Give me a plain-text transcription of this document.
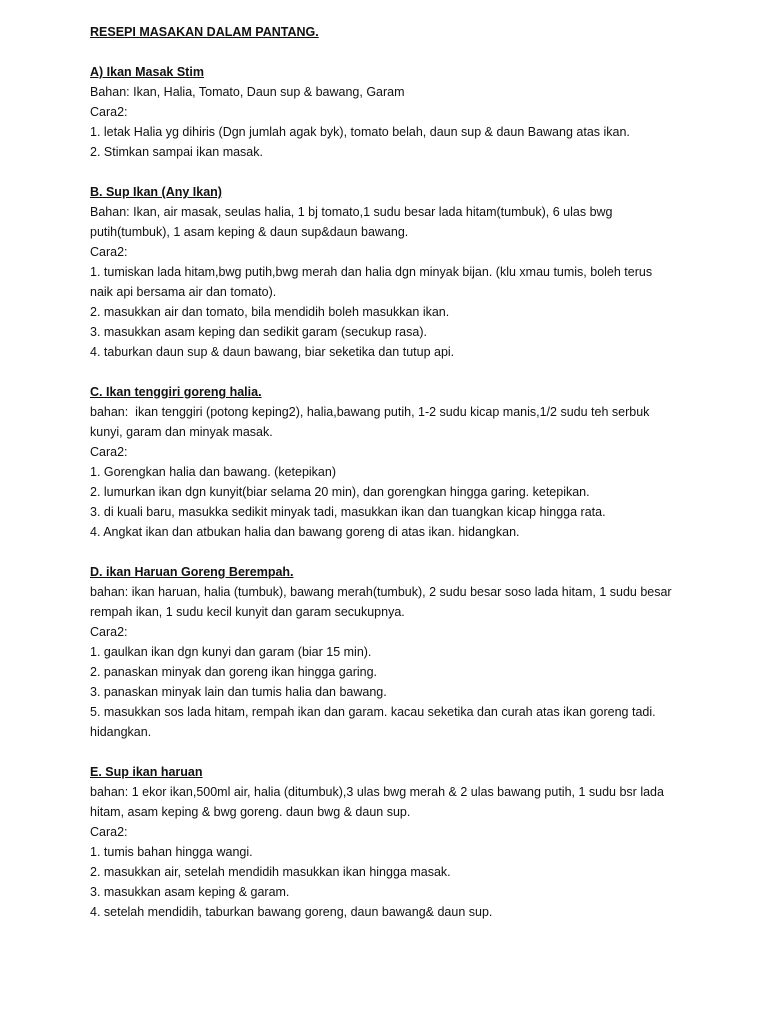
RESEPI MASAKAN DALAM PANTANG.

A) Ikan Masak Stim

Bahan: Ikan, Halia, Tomato, Daun sup & bawang, Garam

Cara2:

1. letak Halia yg dihiris (Dgn jumlah agak byk), tomato belah, daun sup & daun Bawang atas ikan.

2. Stimkan sampai ikan masak.

B. Sup Ikan (Any Ikan)

Bahan: Ikan, air masak, seulas halia, 1 bj tomato,1 sudu besar lada hitam(tumbuk), 6 ulas bwg

putih(tumbuk), 1 asam keping & daun sup&daun bawang.

Cara2:

1. tumiskan lada hitam,bwg putih,bwg merah dan halia dgn minyak bijan. (klu xmau tumis, boleh terus

naik api bersama air dan tomato).

2. masukkan air dan tomato, bila mendidih boleh masukkan ikan.

3. masukkan asam keping dan sedikit garam (secukup rasa).

4. taburkan daun sup & daun bawang, biar seketika dan tutup api.

C. Ikan tenggiri goreng halia.

bahan:  ikan tenggiri (potong keping2), halia,bawang putih, 1-2 sudu kicap manis,1/2 sudu teh serbuk

kunyi, garam dan minyak masak.

Cara2:

1. Gorengkan halia dan bawang. (ketepikan)

2. lumurkan ikan dgn kunyit(biar selama 20 min), dan gorengkan hingga garing. ketepikan.

3. di kuali baru, masukka sedikit minyak tadi, masukkan ikan dan tuangkan kicap hingga rata.

4. Angkat ikan dan atbukan halia dan bawang goreng di atas ikan. hidangkan.

D. ikan Haruan Goreng Berempah.

bahan: ikan haruan, halia (tumbuk), bawang merah(tumbuk), 2 sudu besar soso lada hitam, 1 sudu besar

rempah ikan, 1 sudu kecil kunyit dan garam secukupnya.

Cara2:

1. gaulkan ikan dgn kunyi dan garam (biar 15 min).

2. panaskan minyak dan goreng ikan hingga garing.

3. panaskan minyak lain dan tumis halia dan bawang.

5. masukkan sos lada hitam, rempah ikan dan garam. kacau seketika dan curah atas ikan goreng tadi.

hidangkan.

E. Sup ikan haruan

bahan: 1 ekor ikan,500ml air, halia (ditumbuk),3 ulas bwg merah & 2 ulas bawang putih, 1 sudu bsr lada

hitam, asam keping & bwg goreng. daun bwg & daun sup.

Cara2:

1. tumis bahan hingga wangi.

2. masukkan air, setelah mendidih masukkan ikan hingga masak.

3. masukkan asam keping & garam.

4. setelah mendidih, taburkan bawang goreng, daun bawang& daun sup.
